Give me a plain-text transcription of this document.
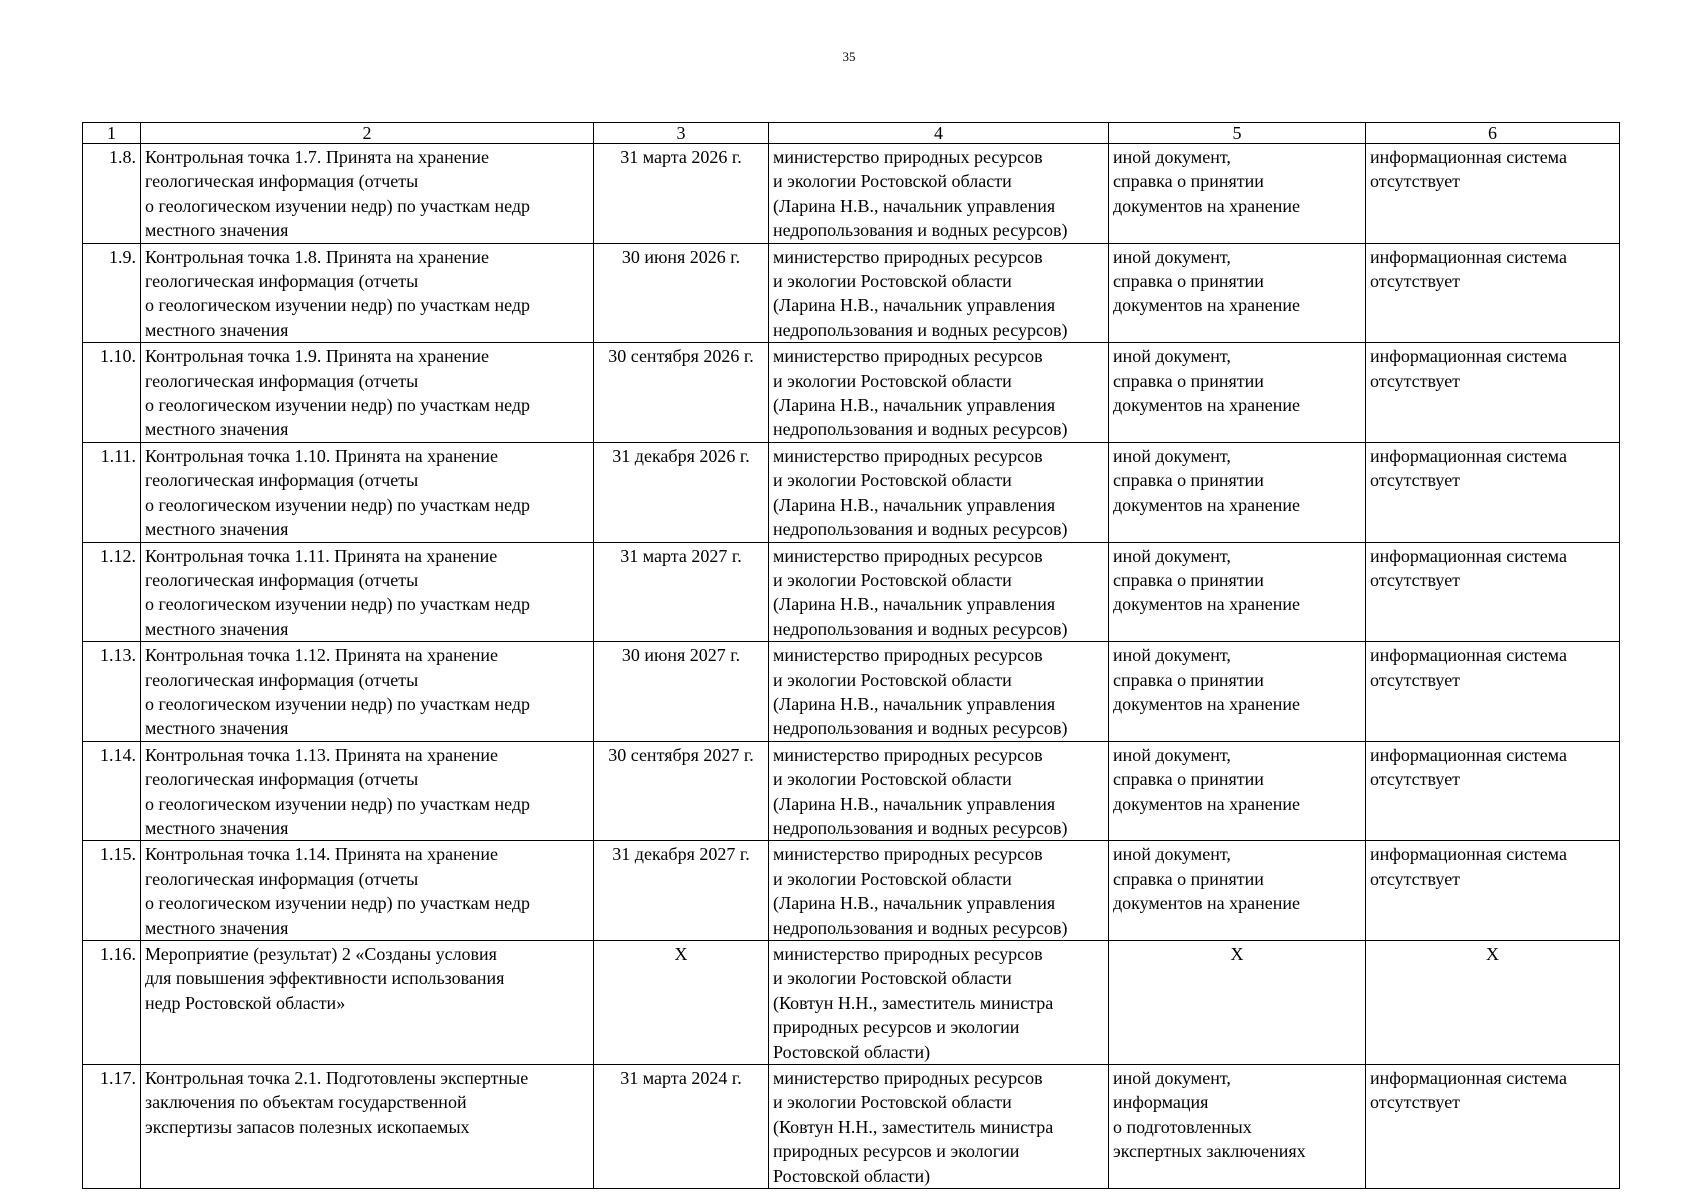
35
1	2	3	4	5	6
1.8.	Контрольная точка 1.7. Принята на хранение
геологическая информация (отчеты
о геологическом изучении недр) по участкам недр
местного значения	31 марта 2026 г.	министерство природных ресурсов
и экологии Ростовской области
(Ларина Н.В., начальник управления
недропользования и водных ресурсов)	иной документ,
справка о принятии
документов на хранение	информационная система
отсутствует

1.9.	Контрольная точка 1.8. Принята на хранение
геологическая информация (отчеты
о геологическом изучении недр) по участкам недр
местного значения	30 июня 2026 г.	министерство природных ресурсов
и экологии Ростовской области
(Ларина Н.В., начальник управления
недропользования и водных ресурсов)	иной документ,
справка о принятии
документов на хранение	информационная система
отсутствует

1.10.	Контрольная точка 1.9. Принята на хранение
геологическая информация (отчеты
о геологическом изучении недр) по участкам недр
местного значения	30 сентября 2026 г.	министерство природных ресурсов
и экологии Ростовской области
(Ларина Н.В., начальник управления
недропользования и водных ресурсов)	иной документ,
справка о принятии
документов на хранение	информационная система
отсутствует

1.11.	Контрольная точка 1.10. Принята на хранение
геологическая информация (отчеты
о геологическом изучении недр) по участкам недр
местного значения	31 декабря 2026 г.	министерство природных ресурсов
и экологии Ростовской области
(Ларина Н.В., начальник управления
недропользования и водных ресурсов)	иной документ,
справка о принятии
документов на хранение	информационная система
отсутствует

1.12.	Контрольная точка 1.11. Принята на хранение
геологическая информация (отчеты
о геологическом изучении недр) по участкам недр
местного значения	31 марта 2027 г.	министерство природных ресурсов
и экологии Ростовской области
(Ларина Н.В., начальник управления
недропользования и водных ресурсов)	иной документ,
справка о принятии
документов на хранение	информационная система
отсутствует

1.13.	Контрольная точка 1.12. Принята на хранение
геологическая информация (отчеты
о геологическом изучении недр) по участкам недр
местного значения	30 июня 2027 г.	министерство природных ресурсов
и экологии Ростовской области
(Ларина Н.В., начальник управления
недропользования и водных ресурсов)	иной документ,
справка о принятии
документов на хранение	информационная система
отсутствует

1.14.	Контрольная точка 1.13. Принята на хранение
геологическая информация (отчеты
о геологическом изучении недр) по участкам недр
местного значения	30 сентября 2027 г.	министерство природных ресурсов
и экологии Ростовской области
(Ларина Н.В., начальник управления
недропользования и водных ресурсов)	иной документ,
справка о принятии
документов на хранение	информационная система
отсутствует

1.15.	Контрольная точка 1.14. Принята на хранение
геологическая информация (отчеты
о геологическом изучении недр) по участкам недр
местного значения	31 декабря 2027 г.	министерство природных ресурсов
и экологии Ростовской области
(Ларина Н.В., начальник управления
недропользования и водных ресурсов)	иной документ,
справка о принятии
документов на хранение	информационная система
отсутствует

1.16.	Мероприятие (результат) 2 «Созданы условия
для повышения эффективности использования
недр Ростовской области»	X	министерство природных ресурсов
и экологии Ростовской области
(Ковтун Н.Н., заместитель министра
природных ресурсов и экологии
Ростовской области)	X	X

1.17.	Контрольная точка 2.1. Подготовлены экспертные
заключения по объектам государственной
экспертизы запасов полезных ископаемых	31 марта 2024 г.	министерство природных ресурсов
и экологии Ростовской области
(Ковтун Н.Н., заместитель министра
природных ресурсов и экологии
Ростовской области)	иной документ,
информация
о подготовленных
экспертных заключениях	информационная система
отсутствует
